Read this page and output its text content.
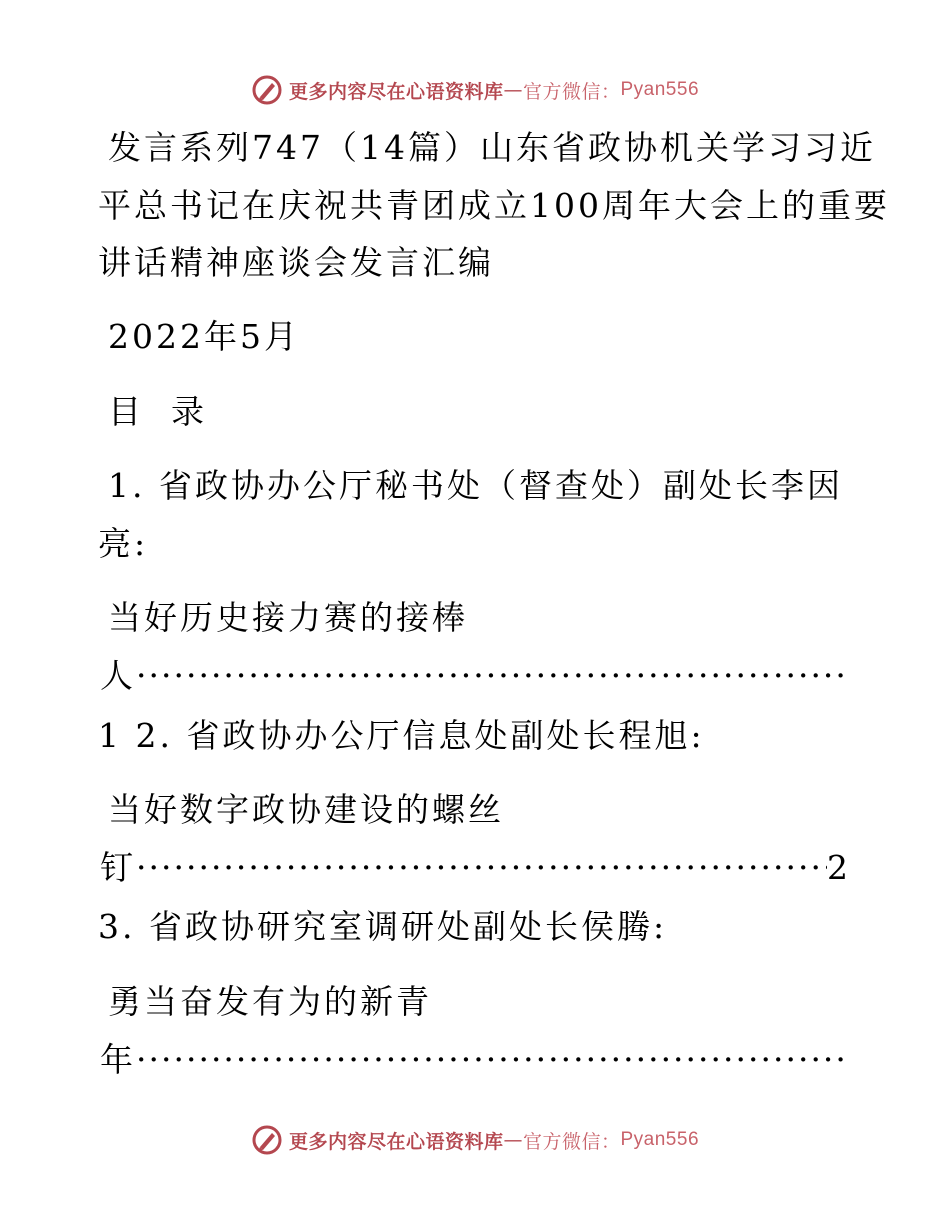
更多内容尽在心语资料库 — 官方微信： Pyan556
发言系列747（14篇）山东省政协机关学习习近
平总书记在庆祝共青团成立100周年大会上的重要
讲话精神座谈会发言汇编
2022年5月
目  录
1. 省政协办公厅秘书处（督查处）副处长李因
亮:
当好历史接力赛的接棒
人
·····
1 2. 省政协办公厅信息处副处长程旭:
当好数字政协建设的螺丝
钉
·····	2
3. 省政协研究室调研处副处长侯腾:
勇当奋发有为的新青
年
·····
更多内容尽在心语资料库 — 官方微信： Pyan556
